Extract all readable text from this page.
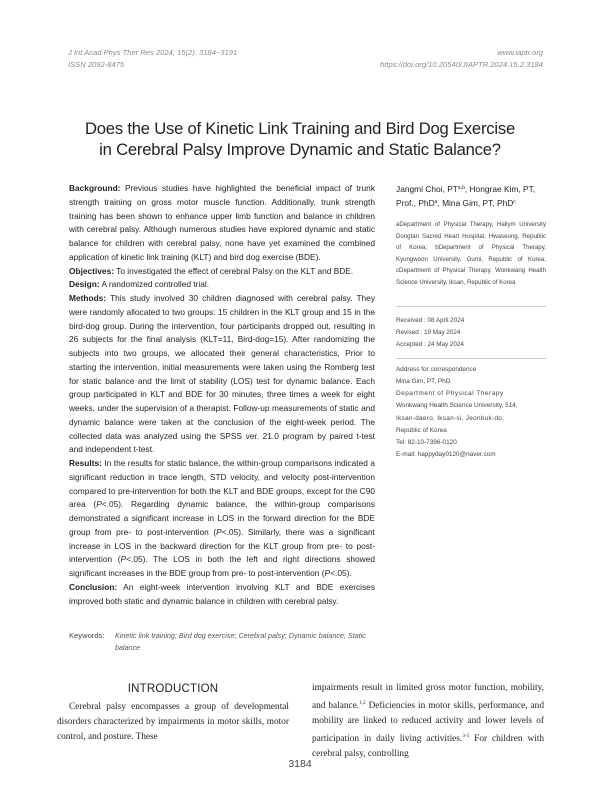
J Int Acad Phys Ther Res 2024; 15(2): 3184~3191
ISSN 2092-8475
www.iaptr.org
https://doi.org/10.20540/JIAPTR.2024.15.2.3184
Does the Use of Kinetic Link Training and Bird Dog Exercise
in Cerebral Palsy Improve Dynamic and Static Balance?

Background: Previous studies have highlighted the beneficial impact of trunk strength training on gross motor muscle function. Additionally, trunk strength training has been shown to enhance upper limb function and balance in children with cerebral palsy. Although numerous studies have explored dynamic and static balance for children with cerebral palsy, none have yet examined the combined application of kinetic link training (KLT) and bird dog exercise (BDE).

Objectives: To investigated the effect of cerebral Palsy on the KLT and BDE.

Design: A randomized controlled trial.

Methods: This study involved 30 children diagnosed with cerebral palsy. They were randomly allocated to two groups: 15 children in the KLT group and 15 in the bird-dog group. During the intervention, four participants dropped out, resulting in 26 subjects for the final analysis (KLT=11, Bird-dog=15). After randomizing the subjects into two groups, we allocated their general characteristics, Prior to starting the intervention, initial measurements were taken using the Romberg test for static balance and the limit of stability (LOS) test for dynamic balance. Each group participated in KLT and BDE for 30 minutes, three times a week for eight weeks, under the supervision of a therapist. Follow-up measurements of static and dynamic balance were taken at the conclusion of the eight-week period. The collected data was analyzed using the SPSS ver. 21.0 program by paired t-test and independent t-test.

Results: In the results for static balance, the within-group comparisons indicated a significant reduction in trace length, STD velocity, and velocity post-intervention compared to pre-intervention for both the KLT and BDE groups, except for the C90 area (P<.05). Regarding dynamic balance, the within-group comparisons demonstrated a significant increase in LOS in the forward direction for the BDE group from pre- to post-intervention (P<.05). Similarly, there was a significant increase in LOS in the backward direction for the KLT group from pre- to post-intervention (P<.05). The LOS in both the left and right directions showed significant increases in the BDE group from pre- to post-intervention (P<.05).

Conclusion: An eight-week intervention involving KLT and BDE exercises improved both static and dynamic balance in children with cerebral palsy.

Jangmi Choi, PT$^{a,b}$, Hongrae Kim, PT,
Prof., PhD$^a$, Mina Gim, PT, PhD$^c$
aDepartment of Physical Therapy, Hallym University Dongtan Sacred Heart Hospital, Hwaseong, Republic of Korea; bDepartment of Physical Therapy, Kyungwoon University, Gumi, Republic of Korea; cDepartment of Physical Therapy, Wonkwang Health Science University, Iksan, Republic of Korea
Received : 08 April 2024
Revised : 19 May 2024
Accepted : 24 May 2024
Address for correspondence
Mina Gim, PT, PhD
Department of Physical Therapy
Wonkwang Health Science University, 514,
Iksan-daero, Iksan-si, Jeonbuk-do,
Republic of Korea
Tel: 82-10-7396-0120
E-mail: happyday0120@naver.com
Keywords: Kinetic link training; Bird dog exercise; Cerebral palsy; Dynamic balance; Static balance
INTRODUCTION
Cerebral palsy encompasses a group of developmental disorders characterized by impairments in motor skills, motor control, and posture. These
impairments result in limited gross motor function, mobility, and balance.$^{1,2}$ Deficiencies in motor skills, performance, and mobility are linked to reduced activity and lower levels of participation in daily living activities.$^{3-5}$ For children with cerebral palsy, controlling
3184
